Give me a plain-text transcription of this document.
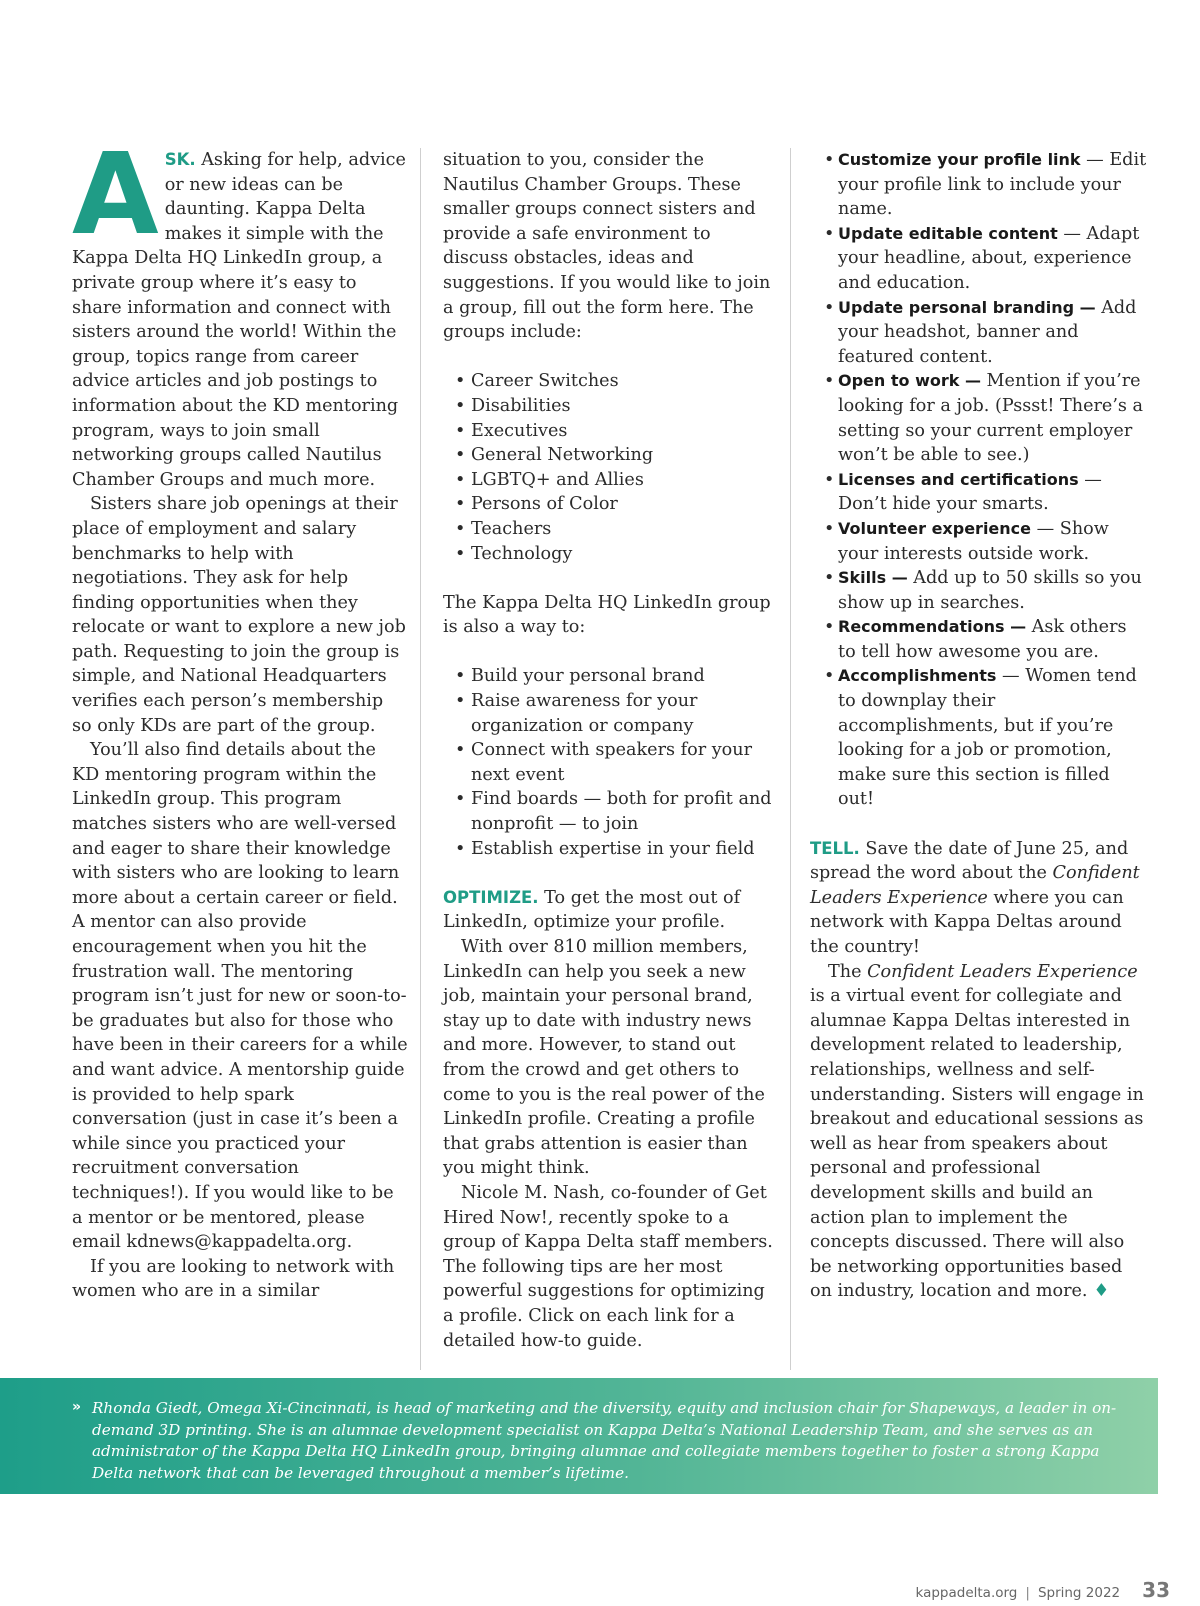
ASK. Asking for help, advice or new ideas can be daunting. Kappa Delta makes it simple with the Kappa Delta HQ LinkedIn group, a private group where it’s easy to share information and connect with sisters around the world! Within the group, topics range from career advice articles and job postings to information about the KD mentoring program, ways to join small networking groups called Nautilus Chamber Groups and much more.

Sisters share job openings at their place of employment and salary benchmarks to help with negotiations. They ask for help finding opportunities when they relocate or want to explore a new job path. Requesting to join the group is simple, and National Headquarters verifies each person’s membership so only KDs are part of the group.

You’ll also find details about the KD mentoring program within the LinkedIn group. This program matches sisters who are well-versed and eager to share their knowledge with sisters who are looking to learn more about a certain career or field. A mentor can also provide encouragement when you hit the frustration wall. The mentoring program isn’t just for new or soon-to-be graduates but also for those who have been in their careers for a while and want advice. A mentorship guide is provided to help spark conversation (just in case it’s been a while since you practiced your recruitment conversation techniques!). If you would like to be a mentor or be mentored, please email kdnews@kappadelta.org.

If you are looking to network with women who are in a similar

situation to you, consider the Nautilus Chamber Groups. These smaller groups connect sisters and provide a safe environment to discuss obstacles, ideas and suggestions. If you would like to join a group, fill out the form here. The groups include:

• Career Switches
• Disabilities
• Executives
• General Networking
• LGBTQ+ and Allies
• Persons of Color
• Teachers
• Technology

The Kappa Delta HQ LinkedIn group is also a way to:

• Build your personal brand
• Raise awareness for your organization or company
• Connect with speakers for your next event
• Find boards — both for profit and nonprofit — to join
• Establish expertise in your field

OPTIMIZE. To get the most out of LinkedIn, optimize your profile.

With over 810 million members, LinkedIn can help you seek a new job, maintain your personal brand, stay up to date with industry news and more. However, to stand out from the crowd and get others to come to you is the real power of the LinkedIn profile. Creating a profile that grabs attention is easier than you might think.

Nicole M. Nash, co-founder of Get Hired Now!, recently spoke to a group of Kappa Delta staff members. The following tips are her most powerful suggestions for optimizing a profile. Click on each link for a detailed how-to guide.

• Customize your profile link — Edit your profile link to include your name.
• Update editable content — Adapt your headline, about, experience and education.
• Update personal branding — Add your headshot, banner and featured content.
• Open to work — Mention if you’re looking for a job. (Pssst! There’s a setting so your current employer won’t be able to see.)
• Licenses and certifications — Don’t hide your smarts.
• Volunteer experience — Show your interests outside work.
• Skills — Add up to 50 skills so you show up in searches.
• Recommendations — Ask others to tell how awesome you are.
• Accomplishments — Women tend to downplay their accomplishments, but if you’re looking for a job or promotion, make sure this section is filled out!

TELL. Save the date of June 25, and spread the word about the Confident Leaders Experience where you can network with Kappa Deltas around the country!

The Confident Leaders Experience is a virtual event for collegiate and alumnae Kappa Deltas interested in development related to leadership, relationships, wellness and self-understanding. Sisters will engage in breakout and educational sessions as well as hear from speakers about personal and professional development skills and build an action plan to implement the concepts discussed. There will also be networking opportunities based on industry, location and more. ♦

» Rhonda Giedt, Omega Xi-Cincinnati, is head of marketing and the diversity, equity and inclusion chair for Shapeways, a leader in on-demand 3D printing. She is an alumnae development specialist on Kappa Delta’s National Leadership Team, and she serves as an administrator of the Kappa Delta HQ LinkedIn group, bringing alumnae and collegiate members together to foster a strong Kappa Delta network that can be leveraged throughout a member’s lifetime.
kappadelta.org | Spring 2022 33
